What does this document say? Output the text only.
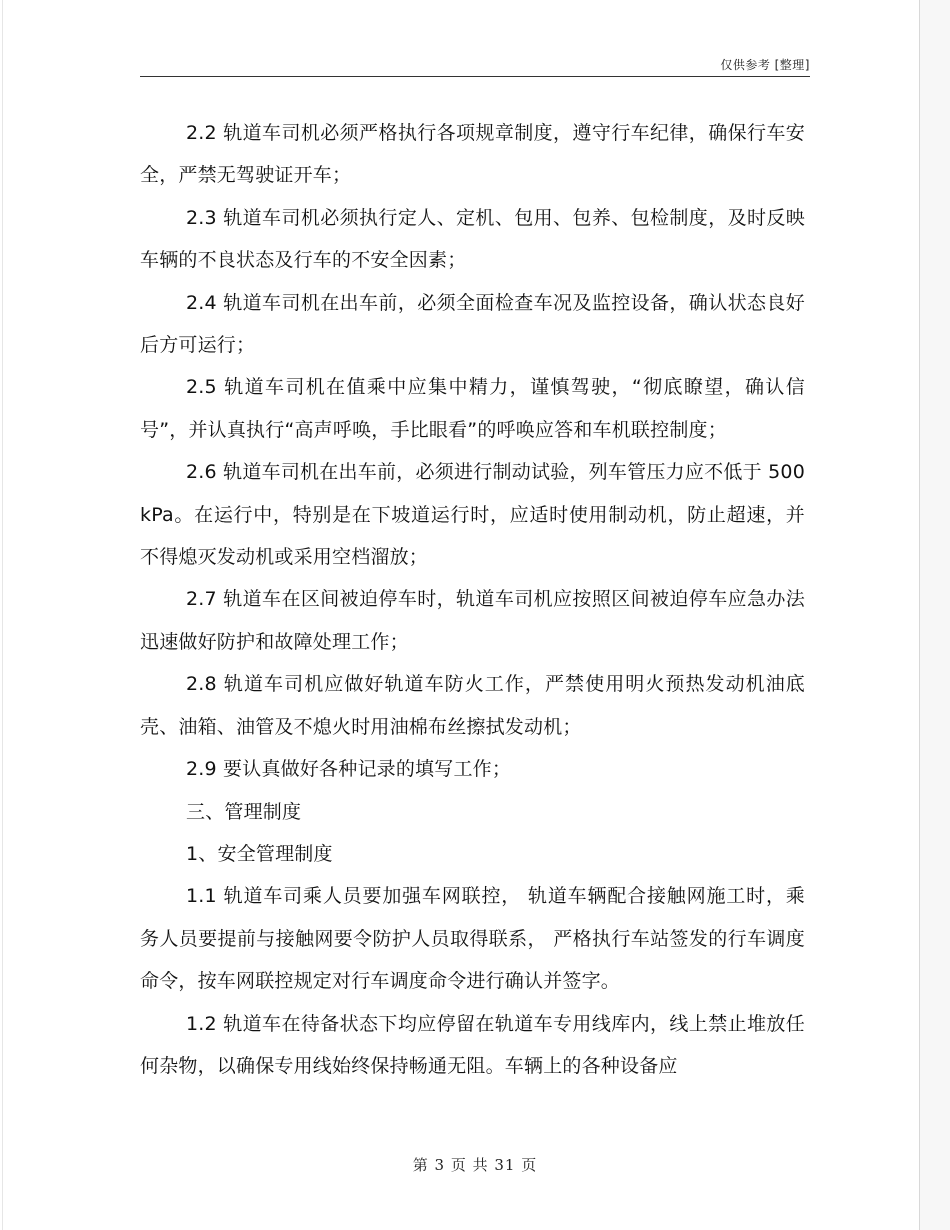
仅供参考 [整理]

2.2 轨道车司机必须严格执行各项规章制度，遵守行车纪律，确保行车安全，严禁无驾驶证开车；

2.3 轨道车司机必须执行定人、定机、包用、包养、包检制度，及时反映车辆的不良状态及行车的不安全因素；

2.4 轨道车司机在出车前，必须全面检查车况及监控设备，确认状态良好后方可运行；

2.5 轨道车司机在值乘中应集中精力，谨慎驾驶，“彻底瞭望，确认信号”，并认真执行“高声呼唤，手比眼看”的呼唤应答和车机联控制度；

2.6 轨道车司机在出车前，必须进行制动试验，列车管压力应不低于 500kPa。在运行中，特别是在下坡道运行时，应适时使用制动机，防止超速，并不得熄灭发动机或采用空档溜放；

2.7 轨道车在区间被迫停车时，轨道车司机应按照区间被迫停车应急办法迅速做好防护和故障处理工作；

2.8 轨道车司机应做好轨道车防火工作，严禁使用明火预热发动机油底壳、油箱、油管及不熄火时用油棉布丝擦拭发动机；

2.9 要认真做好各种记录的填写工作；

三、管理制度

1、安全管理制度

1.1 轨道车司乘人员要加强车网联控， 轨道车辆配合接触网施工时，乘务人员要提前与接触网要令防护人员取得联系， 严格执行车站签发的行车调度命令，按车网联控规定对行车调度命令进行确认并签字。

1.2 轨道车在待备状态下均应停留在轨道车专用线库内，线上禁止堆放任何杂物，以确保专用线始终保持畅通无阻。车辆上的各种设备应

第 3 页 共 31 页
